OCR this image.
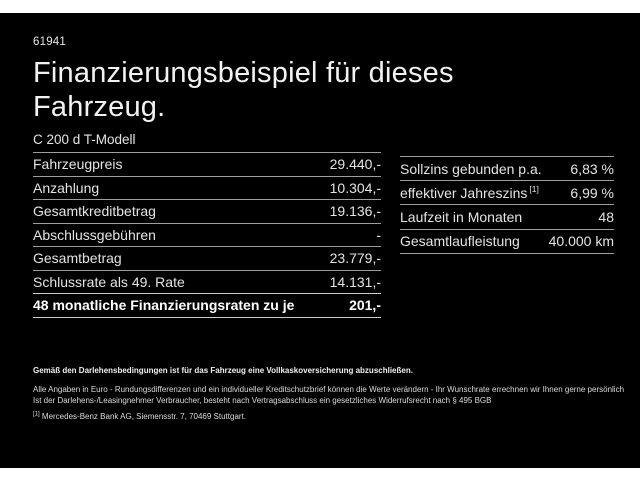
61941
Finanzierungsbeispiel für dieses Fahrzeug.
C 200 d T-Modell
Fahrzeugpreis	29.440,-
Anzahlung	10.304,-
Gesamtkreditbetrag	19.136,-
Abschlussgebühren	-
Gesamtbetrag	23.779,-
Schlussrate als 49. Rate	14.131,-
48 monatliche Finanzierungsraten zu je	201,-
Sollzins gebunden p.a. 6,83 %
effektiver Jahreszins [1] 6,99 %
Laufzeit in Monaten	48
Gesamtlaufleistung 40.000 km

Gemäß den Darlehensbedingungen ist für das Fahrzeug eine Vollkaskoversicherung abzuschließen.

Alle Angaben in Euro - Rundungsdifferenzen und ein individueller Kreditschutzbrief können die Werte verändern - Ihr Wunschrate errechnen wir Ihnen gerne persönlich

Ist der Darlehens-/Leasingnehmer Verbraucher, besteht nach Vertragsabschluss ein gesetzliches Widerrufsrecht nach § 495 BGB

[1] Mercedes-Benz Bank AG, Siemensstr. 7, 70469 Stuttgart.
